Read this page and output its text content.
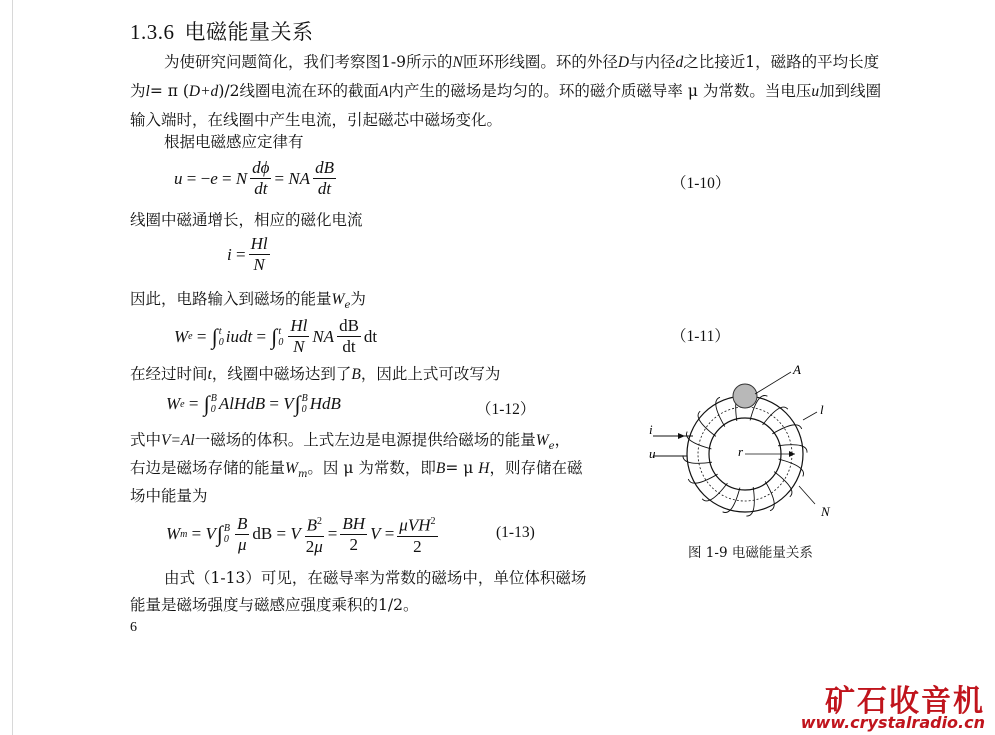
1.3.6 电磁能量关系
为使研究问题简化，我们考察图1-9所示的N匝环形线圈。环的外径D与内径d之比接近1，磁路的平均长度为l= π (D+d)/2线圈电流在环的截面A内产生的磁场是均匀的。环的磁介质磁导率 μ 为常数。当电压u加到线圈输入端时，在线圈中产生电流，引起磁芯中磁场变化。
根据电磁感应定律有
u = − e = N $\frac{d\phi}{dt}$ = NA $\frac{dB}{dt}$	（1-10）
线圈中磁通增长，相应的磁化电流
$i = \frac{Hl}{N}$
因此，电路输入到磁场的能量$W_e$为
W e = ∫ t
0 iudt = ∫ t
$0 \frac{Hl}{N}$ NA $\frac{dB}{dt}$ dt	（1-11）
在经过时间t，线圈中磁场达到了B，因此上式可改写为
W e = ∫ B
0 AlHdB = V ∫ B
0 HdB	（1-12）
式中V=Al一磁场的体积。上式左边是电源提供给磁场的能量$W_e$，
右边是磁场存储的能量$W_m$。因 μ 为常数，即B= μ H，则存储在磁
场中能量为
W m = V ∫ B
$0 \frac{B}{\mu}$ dB = V $\frac{B^2}{2\mu} = \frac{BH}{2}$ $V = \frac{\mu VH^2}{2}$	(1-13)
由式（1-13）可见，在磁导率为常数的磁场中，单位体积磁场
能量是磁场强度与磁感应强度乘积的1/2。
6
A
l
i
u	r
N
图 1-9 电磁能量关系
矿石收音机
www.crystalradio.cn
